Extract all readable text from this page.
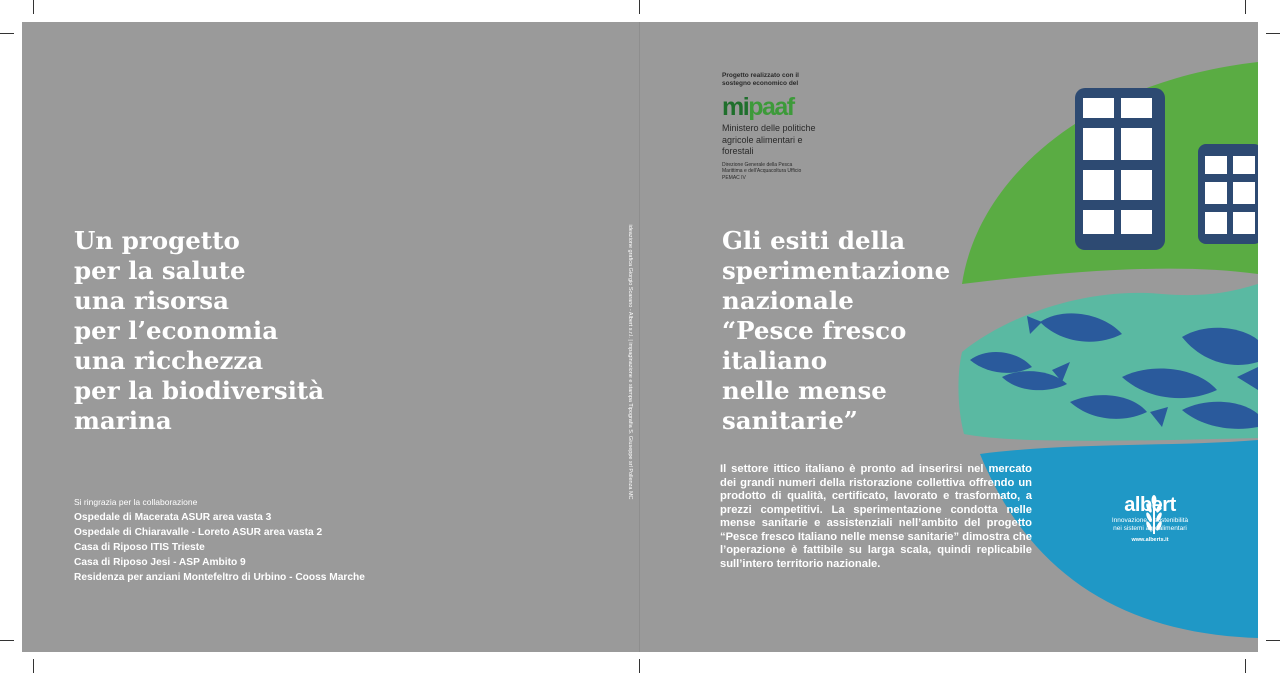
Un progetto
per la salute
una risorsa
per l’economia
una ricchezza
per la biodiversità
marina
Si ringrazia per la collaborazione
Ospedale di Macerata ASUR area vasta 3
Ospedale di Chiaravalle - Loreto ASUR area vasta 2
Casa di Riposo ITIS Trieste
Casa di Riposo Jesi - ASP Ambito 9
Residenza per anziani Montefeltro di Urbino - Cooss Marche
ideazione grafica Giorgio Scarano - Albert s.r.l. | impaginazione e stampa Tipografia S. Giuseppe srl Pollenza MC
Progetto realizzato con il sostegno economico del
mipaaf
Ministero delle politiche agricole alimentari e forestali
Direzione Generale della Pesca Marittima e dell'Acquacoltura Ufficio PEMAC IV
Gli esiti della
sperimentazione
nazionale
“Pesce fresco
italiano
nelle mense
sanitarie”
Il settore ittico italiano è pronto ad inserirsi nel mercato dei grandi numeri della ristorazione collettiva offrendo un prodotto di qualità, certificato, lavorato e trasformato, a prezzi competitivi. La sperimentazione condotta nelle mense sanitarie e assistenziali nell’ambito del progetto “Pesce fresco Italiano nelle mense sanitarie” dimostra che l’operazione è fattibile su larga scala, quindi replicabile sull’intero territorio nazionale.
albert
Innovazione e sostenibilità
nei sistemi agroalimentari
www.alberts.it
